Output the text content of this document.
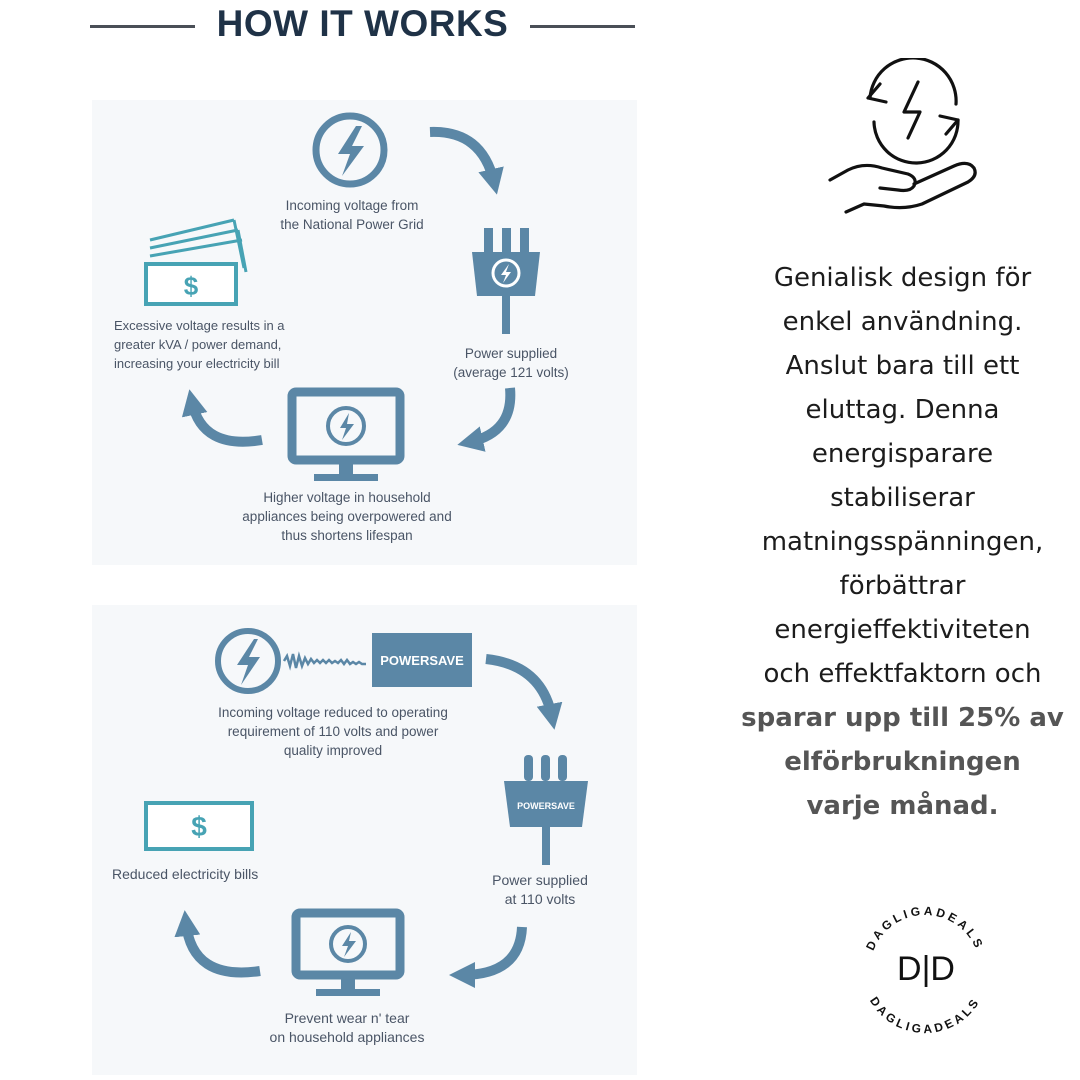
HOW IT WORKS
$
Incoming voltage from
the National Power Grid
Power supplied
(average 121 volts)
Higher voltage in household
appliances being overpowered and
thus shortens lifespan
Excessive voltage results in a
greater kVA / power demand,
increasing your electricity bill
POWERSAVE
POWERSAVE
$
Incoming voltage reduced to operating
requirement of 110 volts and power
quality improved
Power supplied
at 110 volts
Prevent wear n' tear
on household appliances
Reduced electricity bills
Genialisk design för
enkel användning.
Anslut bara till ett
eluttag. Denna
energisparare
stabiliserar
matningsspänningen,
förbättrar
energieffektiviteten
och effektfaktorn och
sparar upp till 25% av
elförbrukningen
varje månad.
DAGLIGADEALS
DAGLIGADEALS
D|D
